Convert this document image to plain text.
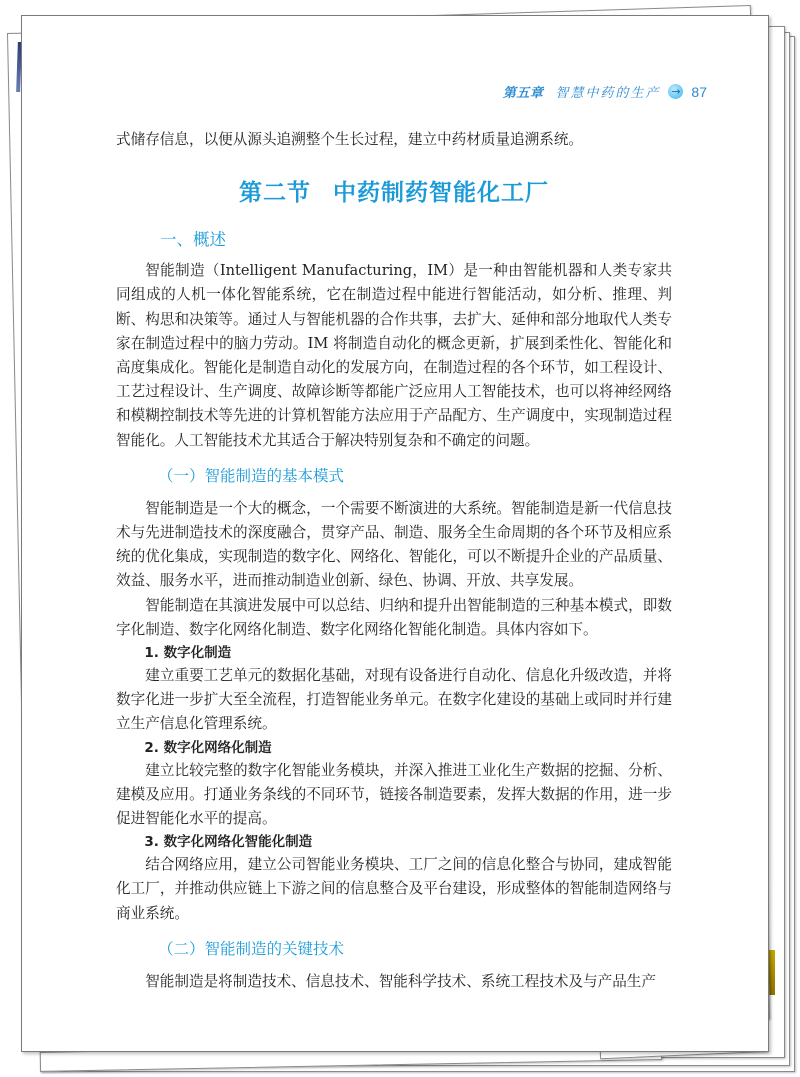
第五章 智慧中药的生产 → 87

式储存信息，以便从源头追溯整个生长过程，建立中药材质量追溯系统。

第二节 中药制药智能化工厂
一、概述

智能制造（Intelligent Manufacturing，IM）是一种由智能机器和人类专家共同组成的人机一体化智能系统，它在制造过程中能进行智能活动，如分析、推理、判断、构思和决策等。通过人与智能机器的合作共事，去扩大、延伸和部分地取代人类专家在制造过程中的脑力劳动。IM 将制造自动化的概念更新，扩展到柔性化、智能化和高度集成化。智能化是制造自动化的发展方向，在制造过程的各个环节，如工程设计、工艺过程设计、生产调度、故障诊断等都能广泛应用人工智能技术，也可以将神经网络和模糊控制技术等先进的计算机智能方法应用于产品配方、生产调度中，实现制造过程智能化。人工智能技术尤其适合于解决特别复杂和不确定的问题。

（一）智能制造的基本模式

智能制造是一个大的概念，一个需要不断演进的大系统。智能制造是新一代信息技术与先进制造技术的深度融合，贯穿产品、制造、服务全生命周期的各个环节及相应系统的优化集成，实现制造的数字化、网络化、智能化，可以不断提升企业的产品质量、效益、服务水平，进而推动制造业创新、绿色、协调、开放、共享发展。

智能制造在其演进发展中可以总结、归纳和提升出智能制造的三种基本模式，即数字化制造、数字化网络化制造、数字化网络化智能化制造。具体内容如下。

1. 数字化制造

建立重要工艺单元的数据化基础，对现有设备进行自动化、信息化升级改造，并将数字化进一步扩大至全流程，打造智能业务单元。在数字化建设的基础上或同时并行建立生产信息化管理系统。

2. 数字化网络化制造

建立比较完整的数字化智能业务模块，并深入推进工业化生产数据的挖掘、分析、建模及应用。打通业务条线的不同环节，链接各制造要素，发挥大数据的作用，进一步促进智能化水平的提高。

3. 数字化网络化智能化制造

结合网络应用，建立公司智能业务模块、工厂之间的信息化整合与协同，建成智能化工厂，并推动供应链上下游之间的信息整合及平台建设，形成整体的智能制造网络与商业系统。

（二）智能制造的关键技术

智能制造是将制造技术、信息技术、智能科学技术、系统工程技术及与产品生产
